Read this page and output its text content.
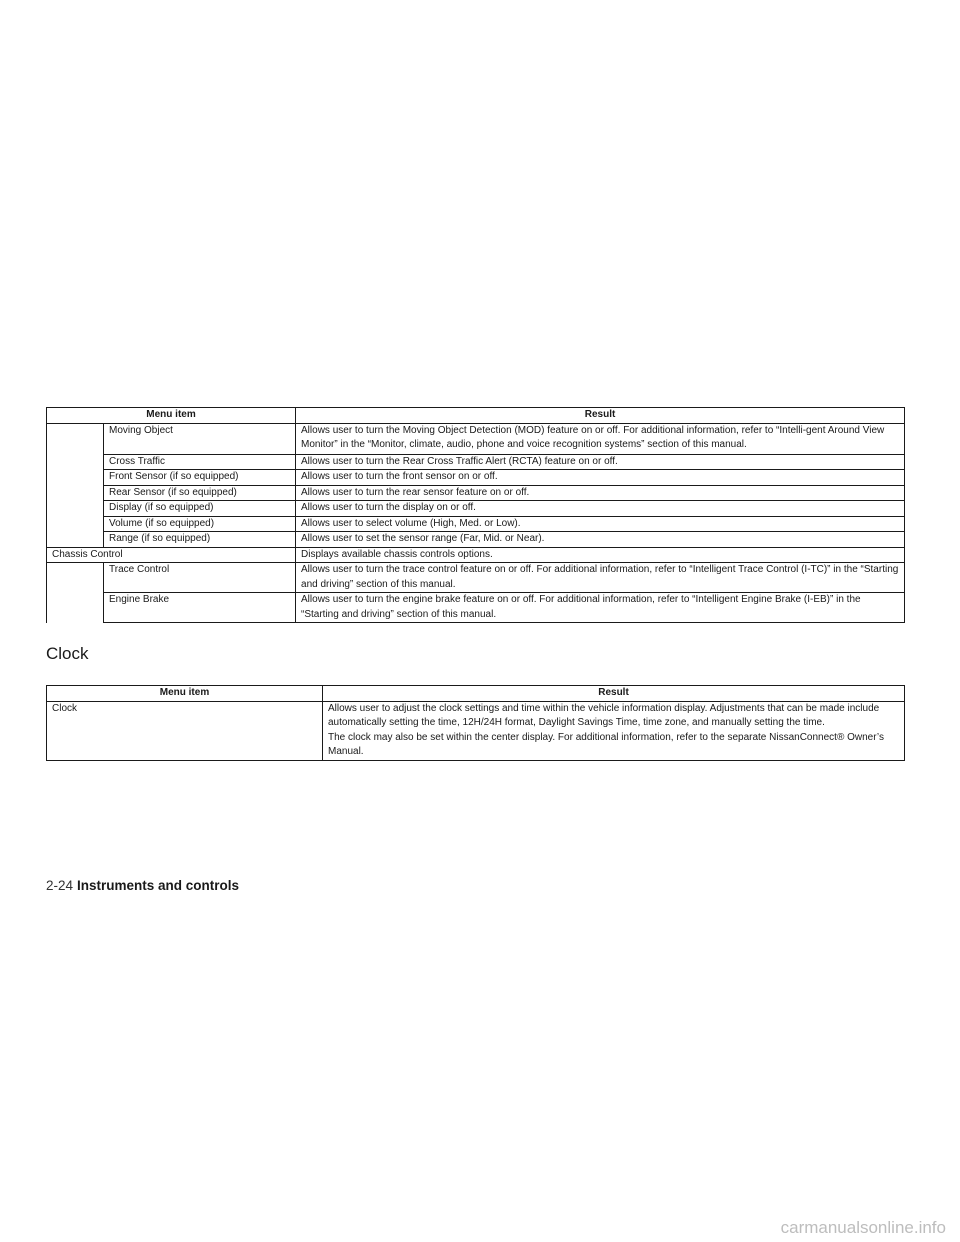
Menu item		Result
	Moving Object	Allows user to turn the Moving Object Detection (MOD) feature on or off. For additional information, refer to “Intelli-gent Around View Monitor” in the “Monitor, climate, audio, phone and voice recognition systems” section of this manual.
	Cross Traffic	Allows user to turn the Rear Cross Traffic Alert (RCTA) feature on or off.
	Front Sensor (if so equipped)	Allows user to turn the front sensor on or off.
	Rear Sensor (if so equipped)	Allows user to turn the rear sensor feature on or off.
	Display (if so equipped)	Allows user to turn the display on or off.
	Volume (if so equipped)	Allows user to select volume (High, Med. or Low).
	Range (if so equipped)	Allows user to set the sensor range (Far, Mid. or Near).
Chassis Control		Displays available chassis controls options.
	Trace Control	Allows user to turn the trace control feature on or off. For additional information, refer to “Intelligent Trace Control (I-TC)” in the “Starting and driving” section of this manual.
	Engine Brake	Allows user to turn the engine brake feature on or off. For additional information, refer to “Intelligent Engine Brake (I-EB)” in the “Starting and driving” section of this manual.
Clock
Menu item	Result
Clock	Allows user to adjust the clock settings and time within the vehicle information display. Adjustments that can be made include automatically setting the time, 12H/24H format, Daylight Savings Time, time zone, and manually setting the time.
The clock may also be set within the center display. For additional information, refer to the separate NissanConnect® Owner’s Manual.
2-24 Instruments and controls
carmanualsonline.info
